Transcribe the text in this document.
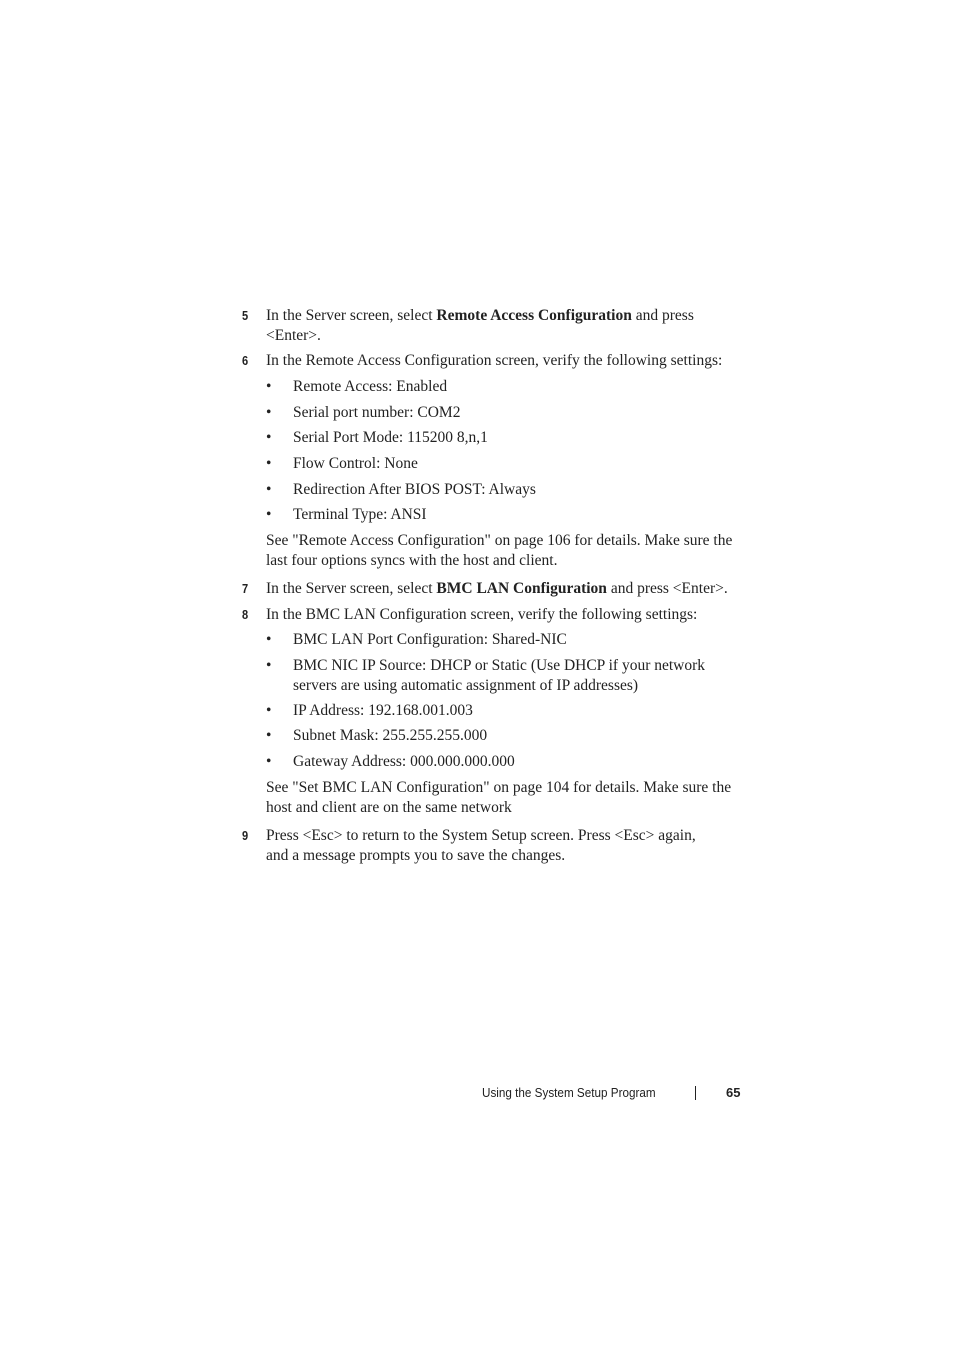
5 In the Server screen, select Remote Access Configuration and press
<Enter>.
6 In the Remote Access Configuration screen, verify the following settings:
• Remote Access: Enabled
• Serial port number: COM2
• Serial Port Mode: 115200 8,n,1
• Flow Control: None
• Redirection After BIOS POST: Always
• Terminal Type: ANSI
See "Remote Access Configuration" on page 106 for details. Make sure the
last four options syncs with the host and client.
7 In the Server screen, select BMC LAN Configuration and press <Enter>.
8 In the BMC LAN Configuration screen, verify the following settings:
• BMC LAN Port Configuration: Shared-NIC
• BMC NIC IP Source: DHCP or Static (Use DHCP if your network
servers are using automatic assignment of IP addresses)
• IP Address: 192.168.001.003
• Subnet Mask: 255.255.255.000
• Gateway Address: 000.000.000.000
See "Set BMC LAN Configuration" on page 104 for details. Make sure the
host and client are on the same network
9 Press <Esc> to return to the System Setup screen. Press <Esc> again,
and a message prompts you to save the changes.
Using the System Setup Program	65
